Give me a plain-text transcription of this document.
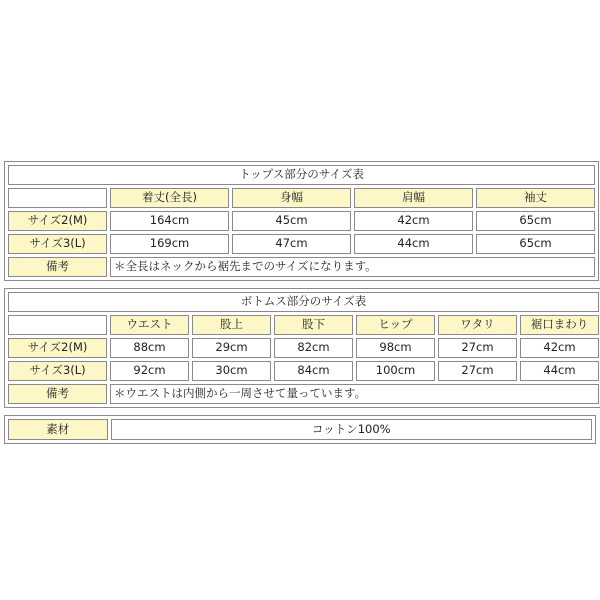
トップス部分のサイズ表				
	着丈(全長)	身幅	肩幅	袖丈
サイズ2(M)	164cm	45cm	42cm	65cm
サイズ3(L)	169cm	47cm	44cm	65cm
備考	＊全長はネックから裾先までのサイズになります。			
ボトムス部分のサイズ表						
	ウエスト	股上	股下	ヒップ	ワタリ	裾口まわり
サイズ2(M)	88cm	29cm	82cm	98cm	27cm	42cm
サイズ3(L)	92cm	30cm	84cm	100cm	27cm	44cm
備考	＊ウエストは内側から一周させて量っています。					
素材	コットン100%
